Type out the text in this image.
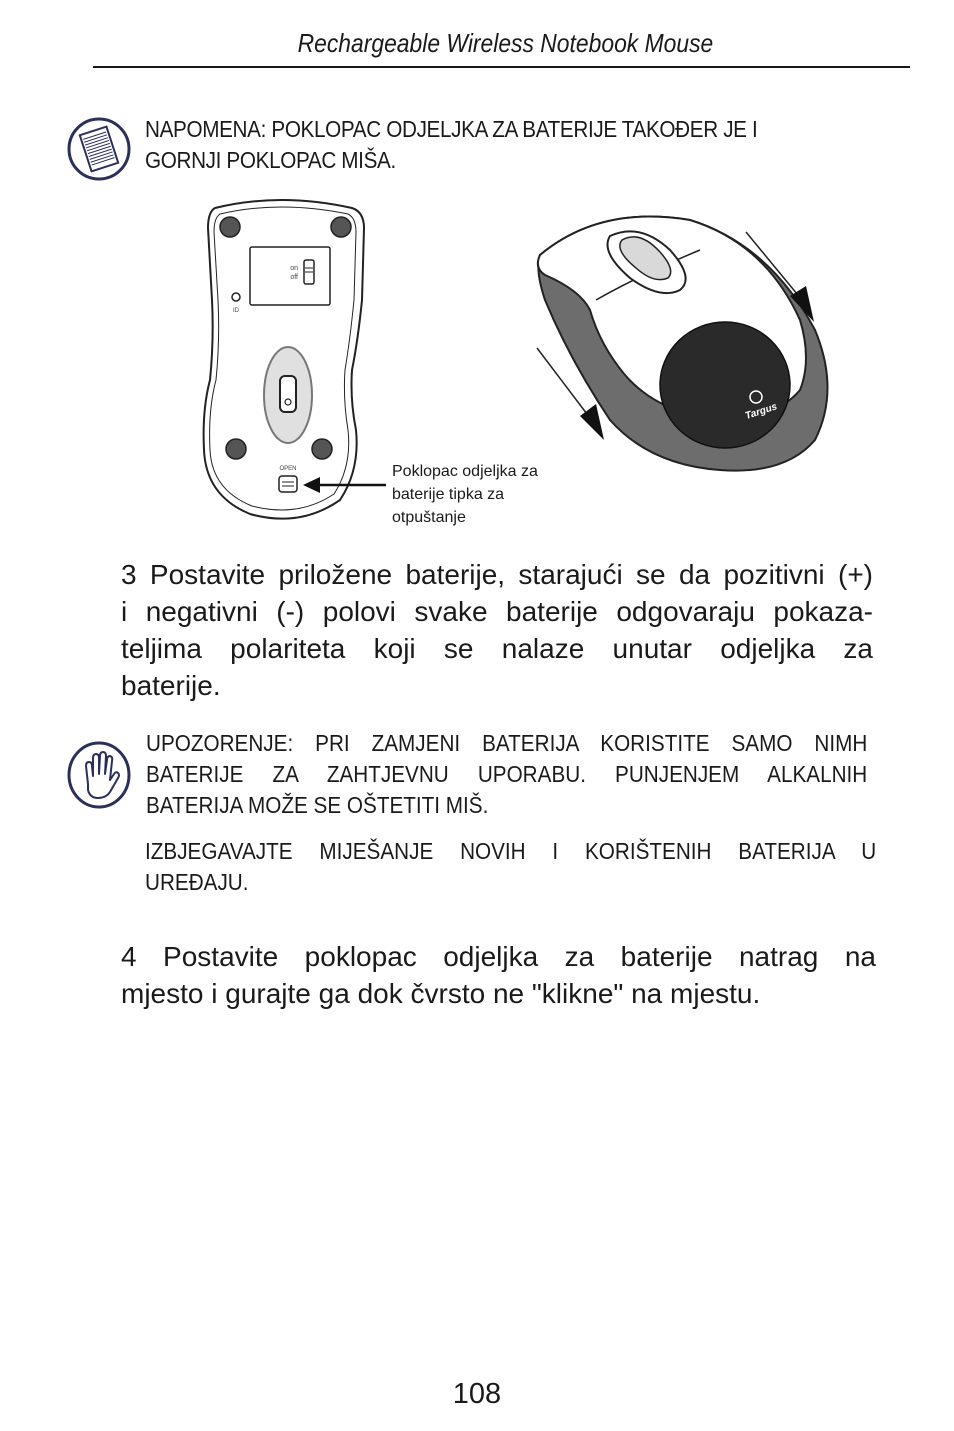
Rechargeable Wireless Notebook Mouse
NAPOMENA: POKLOPAC ODJELJKA ZA BATERIJE TAKOĐER JE I
GORNJI POKLOPAC MIŠA.
on
off
ID
OPEN
Targus
Poklopac odjeljka za
baterije tipka za
otpuštanje
3 Postavite priložene baterije, starajući se da pozitivni (+)
i negativni (-) polovi svake baterije odgovaraju pokaza-
teljima polariteta koji se nalaze unutar odjeljka za
baterije.
UPOZORENJE: PRI ZAMJENI BATERIJA KORISTITE SAMO NIMH
BATERIJE ZA ZAHTJEVNU UPORABU. PUNJENJEM ALKALNIH
BATERIJA MOŽE SE OŠTETITI MIŠ.
IZBJEGAVAJTE MIJEŠANJE NOVIH I KORIŠTENIH BATERIJA U
UREĐAJU.
4 Postavite poklopac odjeljka za baterije natrag na
mjesto i gurajte ga dok čvrsto ne "klikne" na mjestu.
108
